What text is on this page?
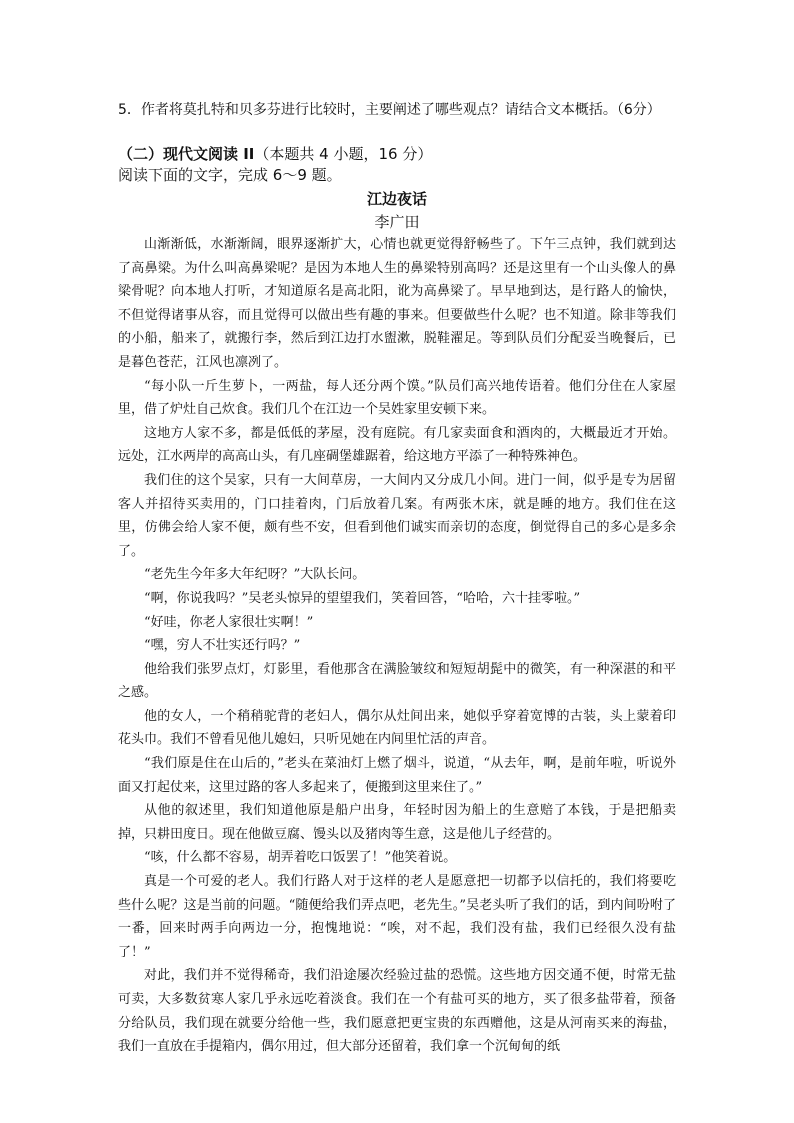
5．作者将莫扎特和贝多芬进行比较时，主要阐述了哪些观点？请结合文本概括。（6分）
（二）现代文阅读 II（本题共 4 小题，16 分）
阅读下面的文字，完成 6～9 题。
江边夜话
李广田

山渐渐低，水渐渐阔，眼界逐渐扩大，心情也就更觉得舒畅些了。下午三点钟，我们就到达了高鼻梁。为什么叫高鼻梁呢？是因为本地人生的鼻梁特别高吗？还是这里有一个山头像人的鼻梁骨呢？向本地人打听，才知道原名是高北阳，讹为高鼻梁了。早早地到达，是行路人的愉快，不但觉得诸事从容，而且觉得可以做出些有趣的事来。但要做些什么呢？也不知道。除非等我们的小船，船来了，就搬行李，然后到江边打水盥漱，脱鞋濯足。等到队员们分配妥当晚餐后，已是暮色苍茫，江风也凛冽了。

“每小队一斤生萝卜，一两盐，每人还分两个馍。”队员们高兴地传语着。他们分住在人家屋里，借了炉灶自己炊食。我们几个在江边一个吴姓家里安顿下来。

这地方人家不多，都是低低的茅屋，没有庭院。有几家卖面食和酒肉的，大概最近才开始。远处，江水两岸的高高山头，有几座碉堡雄踞着，给这地方平添了一种特殊神色。

我们住的这个吴家，只有一大间草房，一大间内又分成几小间。进门一间，似乎是专为居留客人并招待买卖用的，门口挂着肉，门后放着几案。有两张木床，就是睡的地方。我们住在这里，仿佛会给人家不便，颇有些不安，但看到他们诚实而亲切的态度，倒觉得自己的多心是多余了。

“老先生今年多大年纪呀？”大队长问。

“啊，你说我吗？”吴老头惊异的望望我们，笑着回答，“哈哈，六十挂零啦。”

“好哇，你老人家很壮实啊！”

“嘿，穷人不壮实还行吗？”

他给我们张罗点灯，灯影里，看他那含在满脸皱纹和短短胡髭中的微笑，有一种深湛的和平之感。

他的女人，一个稍稍驼背的老妇人，偶尔从灶间出来，她似乎穿着宽博的古装，头上蒙着印花头巾。我们不曾看见他儿媳妇，只听见她在内间里忙活的声音。

“我们原是住在山后的，”老头在菜油灯上燃了烟斗，说道，“从去年，啊，是前年啦，听说外面又打起仗来，这里过路的客人多起来了，便搬到这里来住了。”

从他的叙述里，我们知道他原是船户出身，年轻时因为船上的生意赔了本钱，于是把船卖掉，只耕田度日。现在他做豆腐、馒头以及猪肉等生意，这是他儿子经营的。

“咳，什么都不容易，胡弄着吃口饭罢了！”他笑着说。

真是一个可爱的老人。我们行路人对于这样的老人是愿意把一切都予以信托的，我们将要吃些什么呢？这是当前的问题。“随便给我们弄点吧，老先生。”吴老头听了我们的话，到内间吩咐了一番，回来时两手向两边一分，抱愧地说：“唉，对不起，我们没有盐，我们已经很久没有盐了！”

对此，我们并不觉得稀奇，我们沿途屡次经验过盐的恐慌。这些地方因交通不便，时常无盐可卖，大多数贫寒人家几乎永远吃着淡食。我们在一个有盐可买的地方，买了很多盐带着，预备分给队员，我们现在就要分给他一些，我们愿意把更宝贵的东西赠他，这是从河南买来的海盐，我们一直放在手提箱内，偶尔用过，但大部分还留着，我们拿一个沉甸甸的纸
